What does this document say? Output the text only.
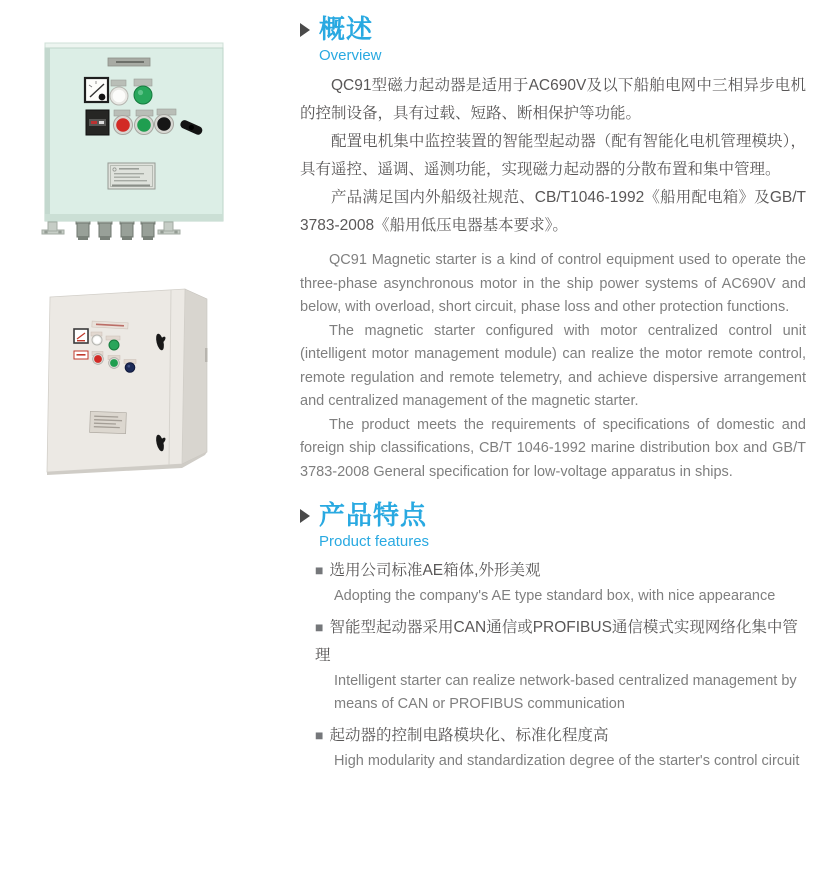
概述
Overview

QC91型磁力起动器是适用于AC690V及以下船舶电网中三相异步电机的控制设备，具有过载、短路、断相保护等功能。

配置电机集中监控装置的智能型起动器（配有智能化电机管理模块），具有遥控、遥调、遥测功能，实现磁力起动器的分散布置和集中管理。

产品满足国内外船级社规范、CB/T1046-1992《船用配电箱》及GB/T 3783-2008《船用低压电器基本要求》。

QC91 Magnetic starter is a kind of control equipment used to operate the three-phase asynchronous motor in the ship power systems of AC690V and below, with overload, short circuit, phase loss and other protection functions.

The magnetic starter configured with motor centralized control unit (intelligent motor management module) can realize the motor remote control, remote regulation and remote telemetry, and achieve dispersive arrangement and centralized management of the magnetic starter.

The product meets the requirements of specifications of domestic and foreign ship classifications, CB/T 1046-1992 marine distribution box and GB/T 3783-2008 General specification for low-voltage apparatus in ships.

产品特点
Product features
■ 选用公司标准AE箱体,外形美观
Adopting the company's AE type standard box, with nice appearance
■ 智能型起动器采用CAN通信或PROFIBUS通信模式实现网络化集中管理
Intelligent starter can realize network-based centralized management by means of CAN or PROFIBUS communication
■ 起动器的控制电路模块化、标准化程度高
High modularity and standardization degree of the starter's control circuit
